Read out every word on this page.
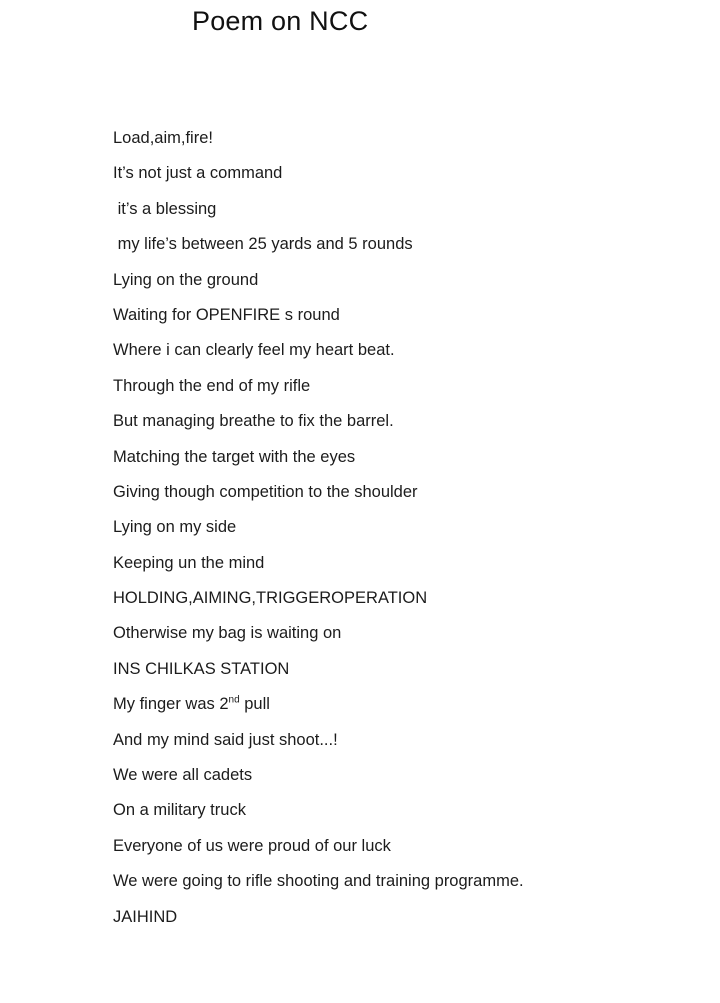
Poem on NCC
Load,aim,fire!
It’s not just a command
it’s a blessing
my life’s between 25 yards and 5 rounds
Lying on the ground
Waiting for OPENFIRE s round
Where i can clearly feel my heart beat.
Through the end of my rifle
But managing breathe to fix the barrel.
Matching the target with the eyes
Giving though competition to the shoulder
Lying on my side
Keeping un the mind
HOLDING,AIMING,TRIGGEROPERATION
Otherwise my bag is waiting on
INS CHILKAS STATION
My finger was 2nd pull
And my mind said just shoot...!
We were all cadets
On a military truck
Everyone of us were proud of our luck
We were going to rifle shooting and training programme.
JAIHIND
